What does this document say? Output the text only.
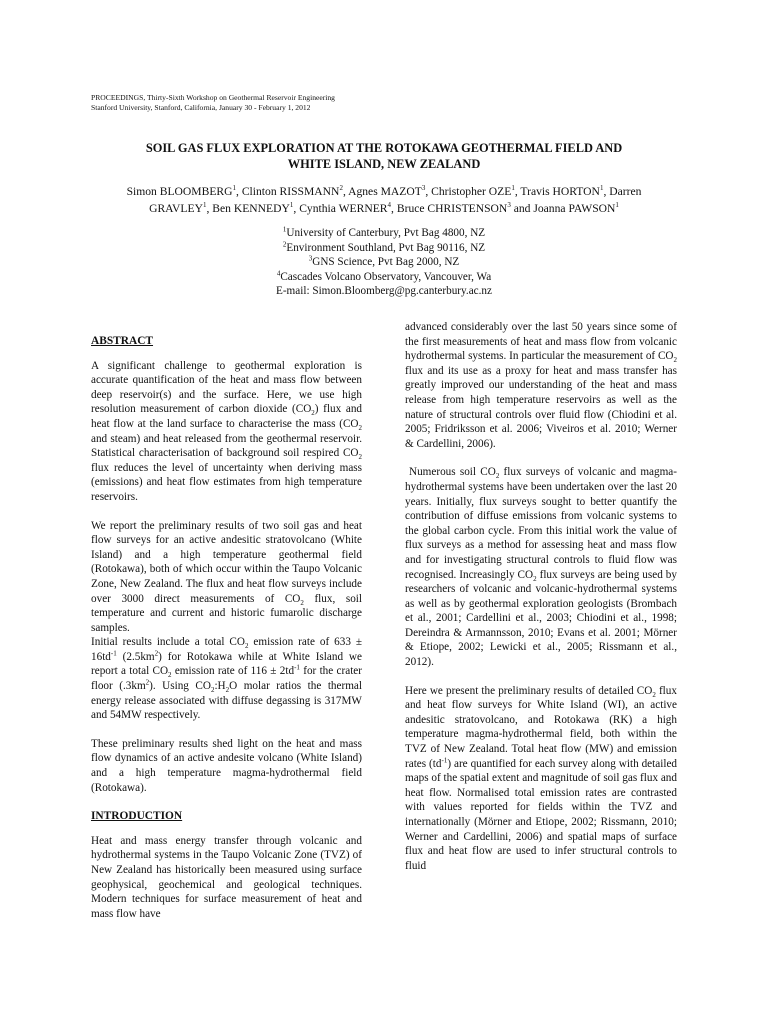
PROCEEDINGS, Thirty-Sixth Workshop on Geothermal Reservoir Engineering
Stanford University, Stanford, California, January 30 - February 1, 2012
SOIL GAS FLUX EXPLORATION AT THE ROTOKAWA GEOTHERMAL FIELD AND
WHITE ISLAND, NEW ZEALAND
Simon BLOOMBERG$^1$, Clinton RISSMANN$^2$, Agnes MAZOT$^3$, Christopher OZE$^1$, Travis HORTON$^1$, Darren
GRAVLEY$^1$, Ben KENNEDY$^1$, Cynthia WERNER$^4$, Bruce CHRISTENSON$^3$ and Joanna PAWSON$^1$
$^1$University of Canterbury, Pvt Bag 4800, NZ
$^2$Environment Southland, Pvt Bag 90116, NZ
$^3$GNS Science, Pvt Bag 2000, NZ
$^4$Cascades Volcano Observatory, Vancouver, Wa
E-mail: Simon.Bloomberg@pg.canterbury.ac.nz
ABSTRACT

A significant challenge to geothermal exploration is accurate quantification of the heat and mass flow between deep reservoir(s) and the surface. Here, we use high resolution measurement of carbon dioxide $(CO_2)$ flux and heat flow at the land surface to characterise the mass ($CO_2$ and steam) and heat released from the geothermal reservoir. Statistical characterisation of background soil respired $CO_2$ flux reduces the level of uncertainty when deriving mass (emissions) and heat flow estimates from high temperature reservoirs.

We report the preliminary results of two soil gas and heat flow surveys for an active andesitic stratovolcano (White Island) and a high temperature geothermal field (Rotokawa), both of which occur within the Taupo Volcanic Zone, New Zealand. The flux and heat flow surveys include over 3000 direct measurements of $CO_2$ flux, soil temperature and current and historic fumarolic discharge samples.
Initial results include a total $CO_2$ emission rate of $633 \pm 16td^{-1}$ $(2.5km^2)$ for Rotokawa while at White Island we report a total $CO_2$ emission rate of $116 \pm 2td^{-1}$ for the crater floor $(.3km^2)$. Using $CO_2:H_2O$ molar ratios the thermal energy release associated with diffuse degassing is 317MW and 54MW respectively.

These preliminary results shed light on the heat and mass flow dynamics of an active andesite volcano (White Island) and a high temperature magma-hydrothermal field (Rotokawa).

INTRODUCTION

Heat and mass energy transfer through volcanic and hydrothermal systems in the Taupo Volcanic Zone (TVZ) of New Zealand has historically been measured using surface geophysical, geochemical and geological techniques. Modern techniques for surface measurement of heat and mass flow have

advanced considerably over the last 50 years since some of the first measurements of heat and mass flow from volcanic hydrothermal systems. In particular the measurement of $CO_2$ flux and its use as a proxy for heat and mass transfer has greatly improved our understanding of the heat and mass release from high temperature reservoirs as well as the nature of structural controls over fluid flow (Chiodini et al. 2005; Fridriksson et al. 2006; Viveiros et al. 2010; Werner & Cardellini, 2006).

Numerous soil $CO_2$ flux surveys of volcanic and magma-hydrothermal systems have been undertaken over the last 20 years. Initially, flux surveys sought to better quantify the contribution of diffuse emissions from volcanic systems to the global carbon cycle. From this initial work the value of flux surveys as a method for assessing heat and mass flow and for investigating structural controls to fluid flow was recognised. Increasingly $CO_2$ flux surveys are being used by researchers of volcanic and volcanic-hydrothermal systems as well as by geothermal exploration geologists (Brombach et al., 2001; Cardellini et al., 2003; Chiodini et al., 1998; Dereindra & Armannsson, 2010; Evans et al. 2001; Mörner & Etiope, 2002; Lewicki et al., 2005; Rissmann et al., 2012).

Here we present the preliminary results of detailed $CO_2$ flux and heat flow surveys for White Island (WI), an active andesitic stratovolcano, and Rotokawa (RK) a high temperature magma-hydrothermal field, both within the TVZ of New Zealand. Total heat flow (MW) and emission rates $(td^{-1})$ are quantified for each survey along with detailed maps of the spatial extent and magnitude of soil gas flux and heat flow. Normalised total emission rates are contrasted with values reported for fields within the TVZ and internationally (Mörner and Etiope, 2002; Rissmann, 2010; Werner and Cardellini, 2006) and spatial maps of surface flux and heat flow are used to infer structural controls to fluid
